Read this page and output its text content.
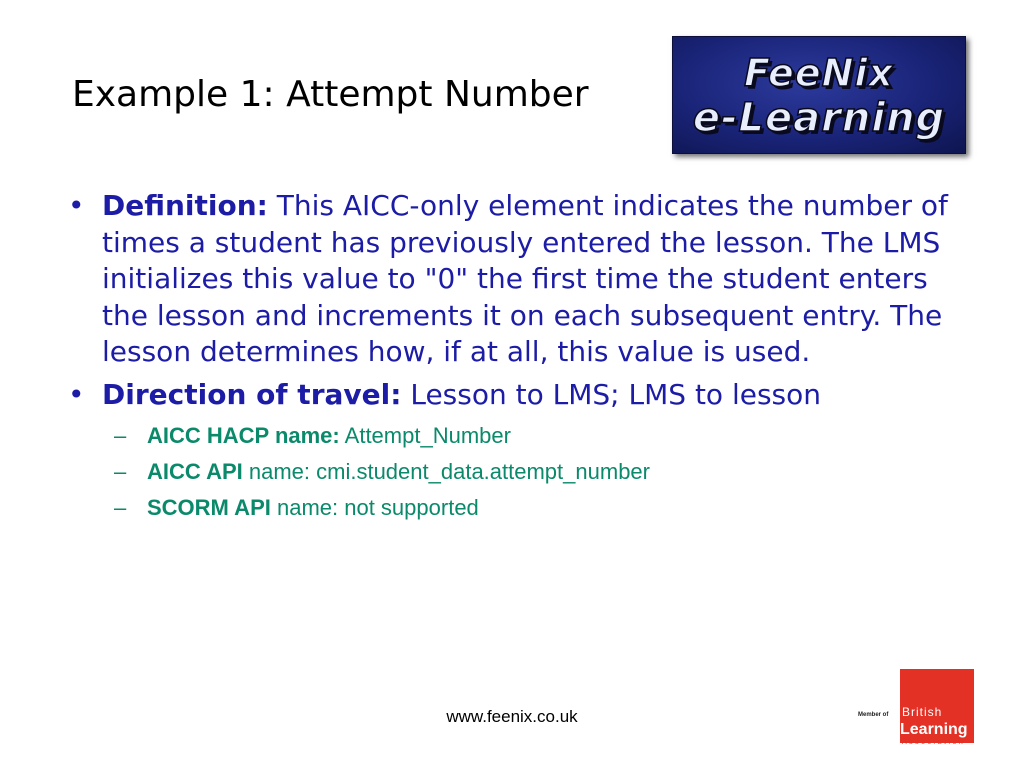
Example 1: Attempt Number	FeeNix
e-Learning
• Definition: This AICC-only element indicates the number of times a student has previously entered the lesson. The LMS initializes this value to "0" the first time the student enters the lesson and increments it on each subsequent entry. The lesson determines how, if at all, this value is used.
• Direction of travel: Lesson to LMS; LMS to lesson
– AICC HACP name: Attempt_Number
– AICC API name: cmi.student_data.attempt_number
– SCORM API name: not supported
www.feenix.co.uk	Member of British
Learning
Association
